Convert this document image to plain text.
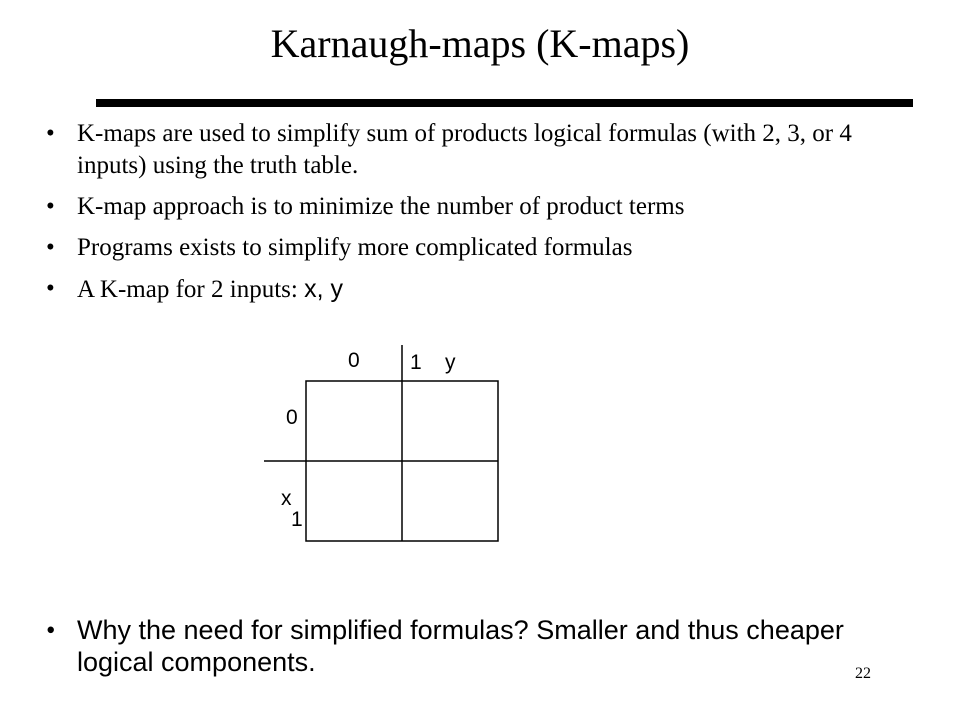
Karnaugh-maps (K-maps)
• K-maps are used to simplify sum of products logical formulas (with 2, 3, or 4 inputs) using the truth table.
• K-map approach is to minimize the number of product terms
• Programs exists to simplify more complicated formulas
• A K-map for 2 inputs: x, y
0 1 y
0
x
1
• Why the need for simplified formulas? Smaller and thus cheaper logical components.	22
